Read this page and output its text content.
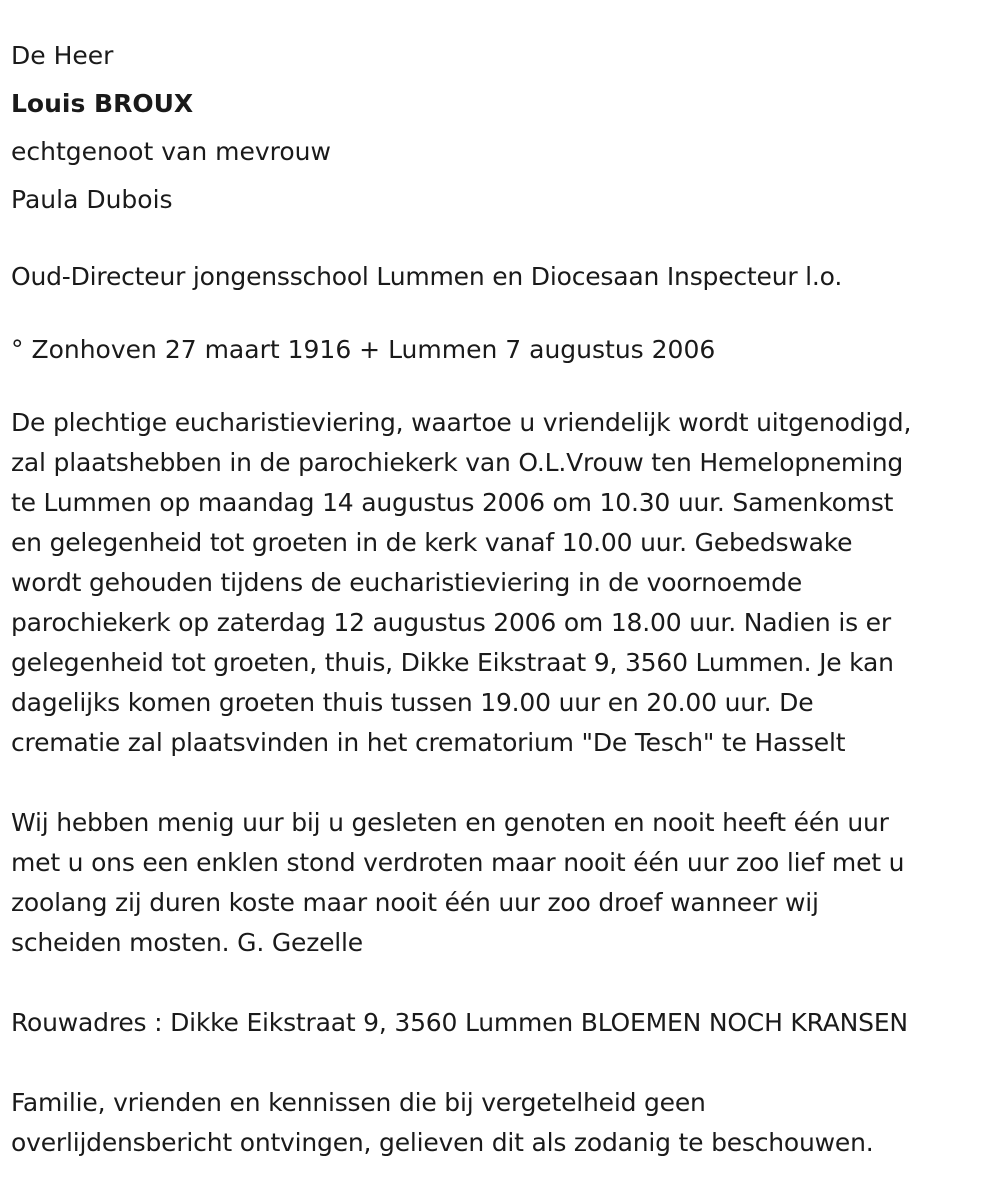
De Heer

Louis BROUX

echtgenoot van mevrouw

Paula Dubois

Oud-Directeur jongensschool Lummen en Diocesaan Inspecteur l.o.

° Zonhoven 27 maart 1916 + Lummen 7 augustus 2006

De plechtige eucharistieviering, waartoe u vriendelijk wordt uitgenodigd,

zal plaatshebben in de parochiekerk van O.L.Vrouw ten Hemelopneming

te Lummen op maandag 14 augustus 2006 om 10.30 uur. Samenkomst

en gelegenheid tot groeten in de kerk vanaf 10.00 uur. Gebedswake

wordt gehouden tijdens de eucharistieviering in de voornoemde

parochiekerk op zaterdag 12 augustus 2006 om 18.00 uur. Nadien is er

gelegenheid tot groeten, thuis, Dikke Eikstraat 9, 3560 Lummen. Je kan

dagelijks komen groeten thuis tussen 19.00 uur en 20.00 uur. De

crematie zal plaatsvinden in het crematorium "De Tesch" te Hasselt

Wij hebben menig uur bij u gesleten en genoten en nooit heeft één uur

met u ons een enklen stond verdroten maar nooit één uur zoo lief met u

zoolang zij duren koste maar nooit één uur zoo droef wanneer wij

scheiden mosten. G. Gezelle

Rouwadres : Dikke Eikstraat 9, 3560 Lummen BLOEMEN NOCH KRANSEN

Familie, vrienden en kennissen die bij vergetelheid geen

overlijdensbericht ontvingen, gelieven dit als zodanig te beschouwen.
